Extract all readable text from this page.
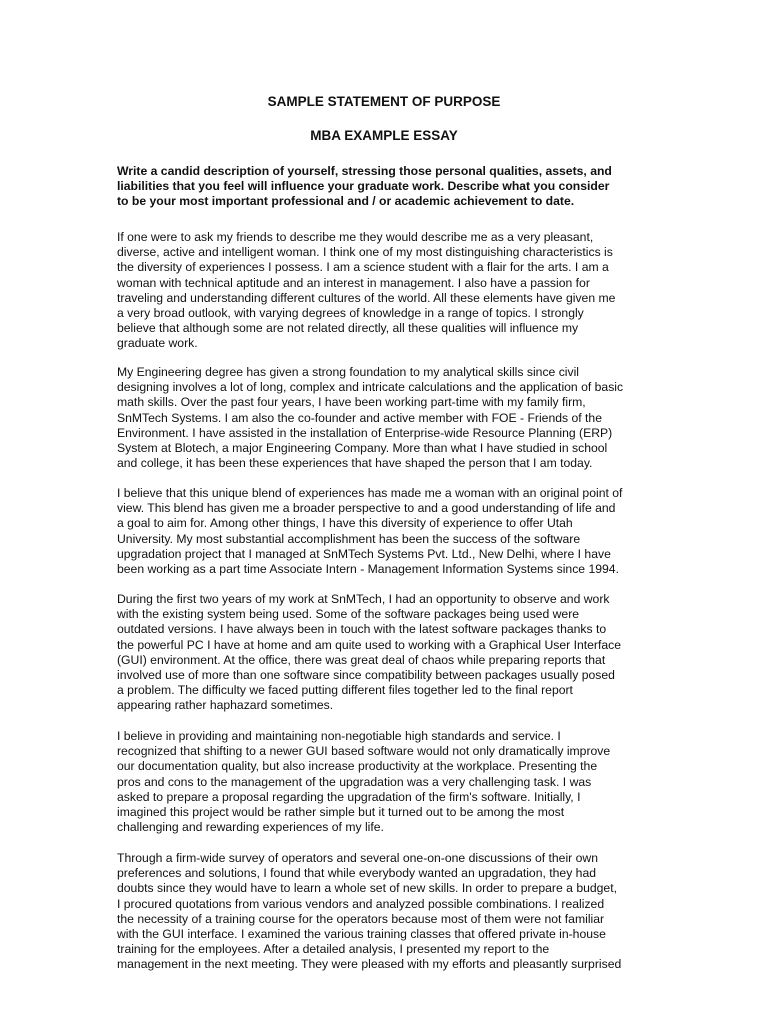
SAMPLE STATEMENT OF PURPOSE
MBA EXAMPLE ESSAY

Write a candid description of yourself, stressing those personal qualities, assets, and
liabilities that you feel will influence your graduate work. Describe what you consider
to be your most important professional and / or academic achievement to date.

If one were to ask my friends to describe me they would describe me as a very pleasant,
diverse, active and intelligent woman. I think one of my most distinguishing characteristics is
the diversity of experiences I possess. I am a science student with a flair for the arts. I am a
woman with technical aptitude and an interest in management. I also have a passion for
traveling and understanding different cultures of the world. All these elements have given me
a very broad outlook, with varying degrees of knowledge in a range of topics. I strongly
believe that although some are not related directly, all these qualities will influence my
graduate work.

My Engineering degree has given a strong foundation to my analytical skills since civil
designing involves a lot of long, complex and intricate calculations and the application of basic
math skills. Over the past four years, I have been working part-time with my family firm,
SnMTech Systems. I am also the co-founder and active member with FOE - Friends of the
Environment. I have assisted in the installation of Enterprise-wide Resource Planning (ERP)
System at Blotech, a major Engineering Company. More than what I have studied in school
and college, it has been these experiences that have shaped the person that I am today.

I believe that this unique blend of experiences has made me a woman with an original point of
view. This blend has given me a broader perspective to and a good understanding of life and
a goal to aim for. Among other things, I have this diversity of experience to offer Utah
University. My most substantial accomplishment has been the success of the software
upgradation project that I managed at SnMTech Systems Pvt. Ltd., New Delhi, where I have
been working as a part time Associate Intern - Management Information Systems since 1994.

During the first two years of my work at SnMTech, I had an opportunity to observe and work
with the existing system being used. Some of the software packages being used were
outdated versions. I have always been in touch with the latest software packages thanks to
the powerful PC I have at home and am quite used to working with a Graphical User Interface
(GUI) environment. At the office, there was great deal of chaos while preparing reports that
involved use of more than one software since compatibility between packages usually posed
a problem. The difficulty we faced putting different files together led to the final report
appearing rather haphazard sometimes.

I believe in providing and maintaining non-negotiable high standards and service. I
recognized that shifting to a newer GUI based software would not only dramatically improve
our documentation quality, but also increase productivity at the workplace. Presenting the
pros and cons to the management of the upgradation was a very challenging task. I was
asked to prepare a proposal regarding the upgradation of the firm's software. Initially, I
imagined this project would be rather simple but it turned out to be among the most
challenging and rewarding experiences of my life.

Through a firm-wide survey of operators and several one-on-one discussions of their own
preferences and solutions, I found that while everybody wanted an upgradation, they had
doubts since they would have to learn a whole set of new skills. In order to prepare a budget,
I procured quotations from various vendors and analyzed possible combinations. I realized
the necessity of a training course for the operators because most of them were not familiar
with the GUI interface. I examined the various training classes that offered private in-house
training for the employees. After a detailed analysis, I presented my report to the
management in the next meeting. They were pleased with my efforts and pleasantly surprised
